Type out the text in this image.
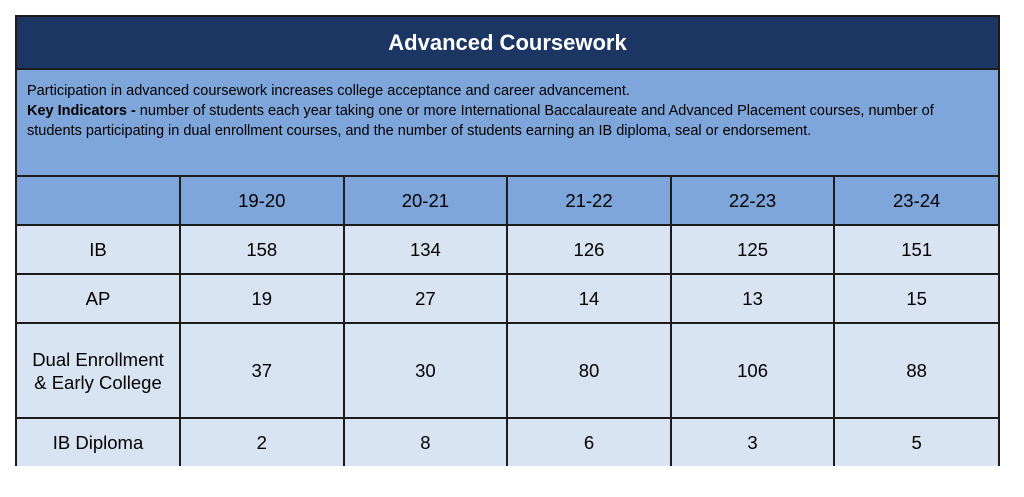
Advanced Coursework
Participation in advanced coursework increases college acceptance and career advancement.
Key Indicators - number of students each year taking one or more International Baccalaureate and Advanced Placement courses, number of students participating in dual enrollment courses, and the number of students earning an IB diploma, seal or endorsement.
	19-20	20-21	21-22	22-23	23-24
IB	158	134	126	125	151
AP	19	27	14	13	15
Dual Enrollment & Early College	37	30	80	106	88
IB Diploma	2	8	6	3	5
